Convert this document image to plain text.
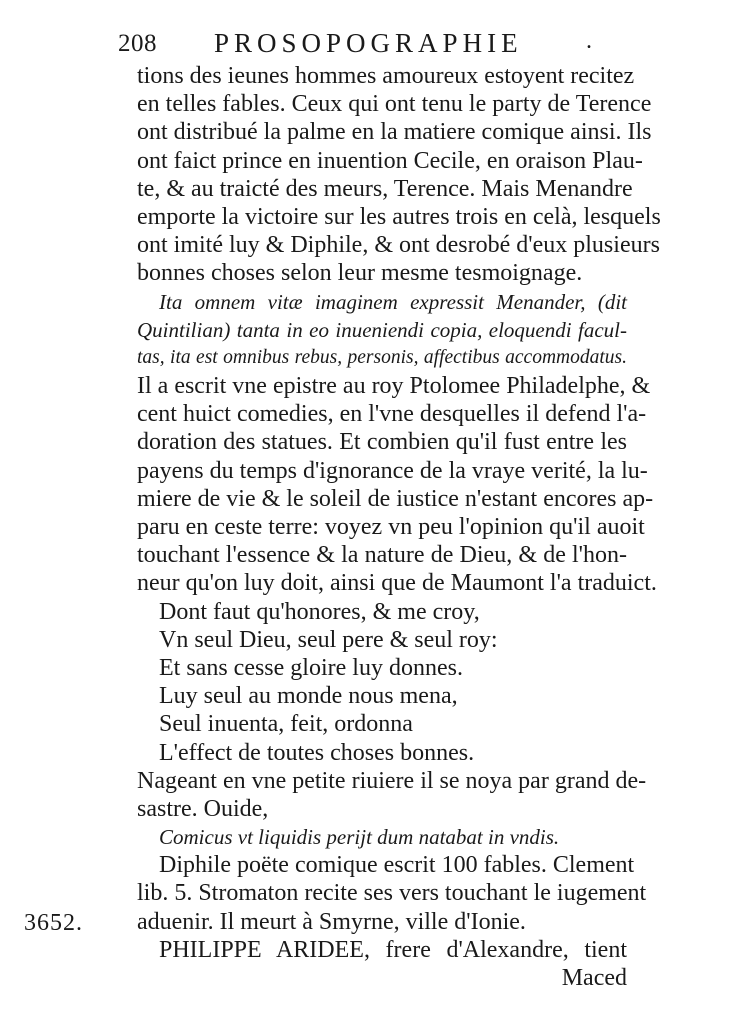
208 PROSOPOGRAPHIE	.
3652.
tions des ieunes hommes amoureux estoyent recitez
en telles fables. Ceux qui ont tenu le party de Terence
ont distribué la palme en la matiere comique ainsi. Ils
ont faict prince en inuention Cecile, en oraison Plau-
te, & au traicté des meurs, Terence. Mais Menandre
emporte la victoire sur les autres trois en celà, lesquels
ont imité luy & Diphile, & ont desrobé d'eux plusieurs
bonnes choses selon leur mesme tesmoignage.
Ita omnem vitæ imaginem expressit Menander, (dit
Quintilian) tanta in eo inueniendi copia, eloquendi facul-
tas, ita est omnibus rebus, personis, affectibus accommodatus.
Il a escrit vne epistre au roy Ptolomee Philadelphe, &
cent huict comedies, en l'vne desquelles il defend l'a-
doration des statues. Et combien qu'il fust entre les
payens du temps d'ignorance de la vraye verité, la lu-
miere de vie & le soleil de iustice n'estant encores ap-
paru en ceste terre: voyez vn peu l'opinion qu'il auoit
touchant l'essence & la nature de Dieu, & de l'hon-
neur qu'on luy doit, ainsi que de Maumont l'a traduict.
Dont faut qu'honores, & me croy,
Vn seul Dieu, seul pere & seul roy:
Et sans cesse gloire luy donnes.
Luy seul au monde nous mena,
Seul inuenta, feit, ordonna
L'effect de toutes choses bonnes.
Nageant en vne petite riuiere il se noya par grand de-
sastre. Ouide,
Comicus vt liquidis perijt dum natabat in vndis.
Diphile poëte comique escrit 100 fables. Clement
lib. 5. Stromaton recite ses vers touchant le iugement
aduenir. Il meurt à Smyrne, ville d'Ionie.
PHILIPPE ARIDEE, frere d'Alexandre, tient
Maced
